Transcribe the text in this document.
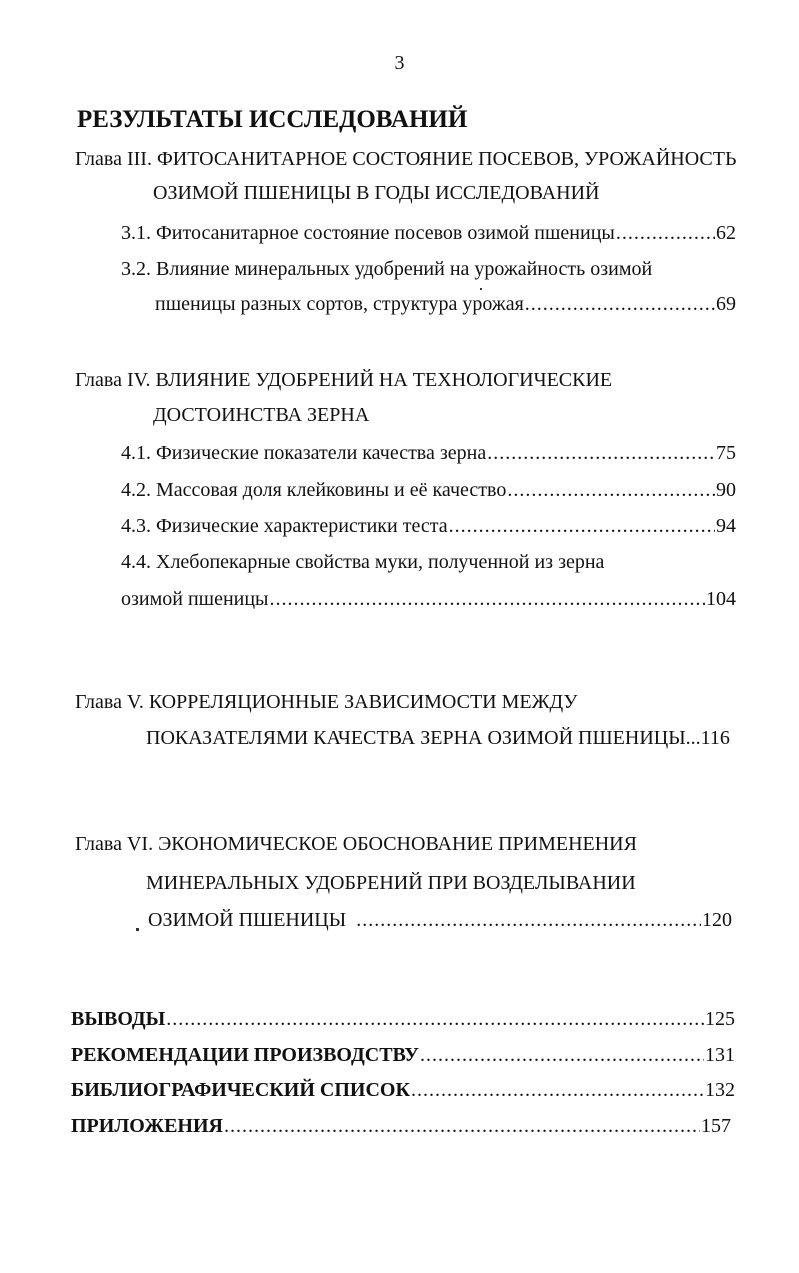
3
РЕЗУЛЬТАТЫ ИССЛЕДОВАНИЙ
Глава III. ФИТОСАНИТАРНОЕ СОСТОЯНИЕ ПОСЕВОВ, УРОЖАЙНОСТЬ
ОЗИМОЙ ПШЕНИЦЫ В ГОДЫ ИССЛЕДОВАНИЙ
3.1. Фитосанитарное состояние посевов озимой пшеницы .....	62
3.2. Влияние минеральных удобрений на урожайность озимой
пшеницы разных сортов, структура урожая .....	69
Глава IV. ВЛИЯНИЕ УДОБРЕНИЙ НА ТЕХНОЛОГИЧЕСКИЕ
ДОСТОИНСТВА ЗЕРНА
4.1. Физические показатели качества зерна .....	75
4.2. Массовая доля клейковины и её качество .....	90
4.3. Физические характеристики теста .....	94
4.4. Хлебопекарные свойства муки, полученной из зерна
озимой пшеницы .....	104
Глава V. КОРРЕЛЯЦИОННЫЕ ЗАВИСИМОСТИ МЕЖДУ
ПОКАЗАТЕЛЯМИ КАЧЕСТВА ЗЕРНА ОЗИМОЙ ПШЕНИЦЫ...116
Глава VI. ЭКОНОМИЧЕСКОЕ ОБОСНОВАНИЕ ПРИМЕНЕНИЯ
МИНЕРАЛЬНЫХ УДОБРЕНИЙ ПРИ ВОЗДЕЛЫВАНИИ
ОЗИМОЙ ПШЕНИЦЫ .....	120
ВЫВОДЫ .....	125
РЕКОМЕНДАЦИИ ПРОИЗВОДСТВУ .....	131
БИБЛИОГРАФИЧЕСКИЙ СПИСОК .....	132
ПРИЛОЖЕНИЯ .....	157
